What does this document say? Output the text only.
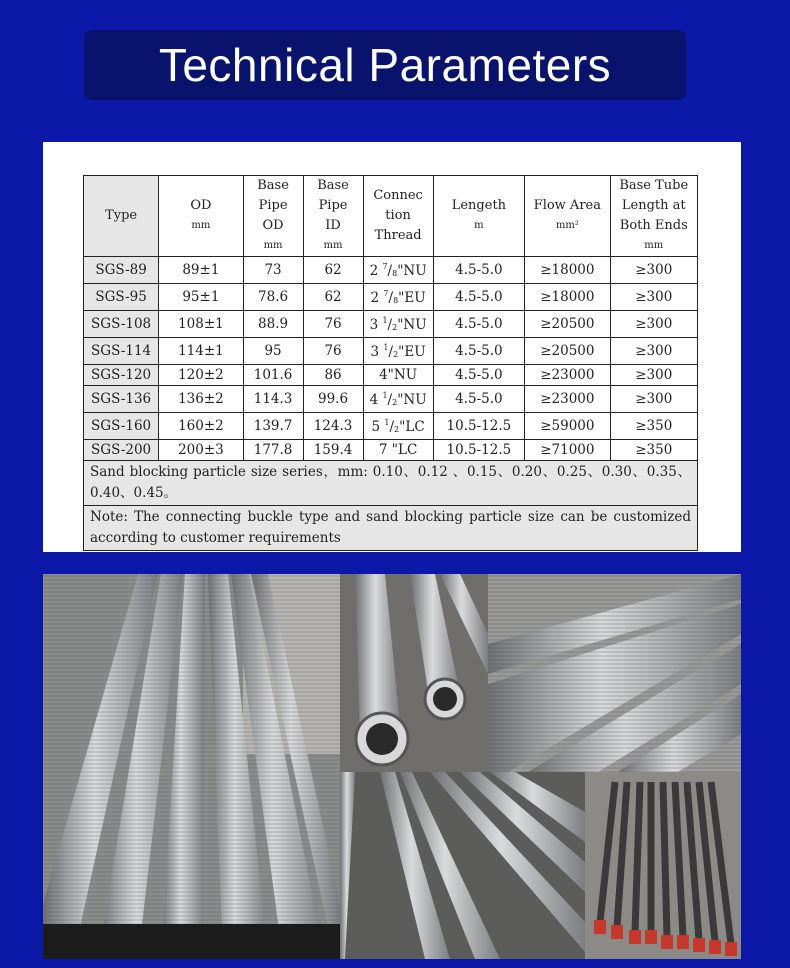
Technical Parameters
Type	OD
mm	Base
Pipe
OD
mm	Base
Pipe
ID
mm	Connec
tion
Thread	Lengeth
m	Flow Area
mm²	Base Tube
Length at
Both Ends
mm

SGS-89	89±1	73	62	2 $^7/_8"NU$	4.5-5.0	≥18000	≥300
SGS-95	95±1	78.6	62	2 $^7/_8"EU$	4.5-5.0	≥18000	≥300
SGS-108	108±1	88.9	76	3 $^1/_2"NU$	4.5-5.0	≥20500	≥300
SGS-114	114±1	95	76	3 $^1/_2"EU$	4.5-5.0	≥20500	≥300
SGS-120	120±2	101.6	86	4"NU	4.5-5.0	≥23000	≥300
SGS-136	136±2	114.3	99.6	4 $^1/_2"NU$	4.5-5.0	≥23000	≥300
SGS-160	160±2	139.7	124.3	5 $^1/_2"LC$	10.5-12.5	≥59000	≥350
SGS-200	200±3	177.8	159.4	7 "LC	10.5-12.5	≥71000	≥350
Sand blocking particle size series，mm: 0.10、0.12 、0.15、0.20、0.25、0.30、0.35、0.40、0.45。							
Note: The connecting buckle type and sand blocking particle size can be customized according to customer requirements							
